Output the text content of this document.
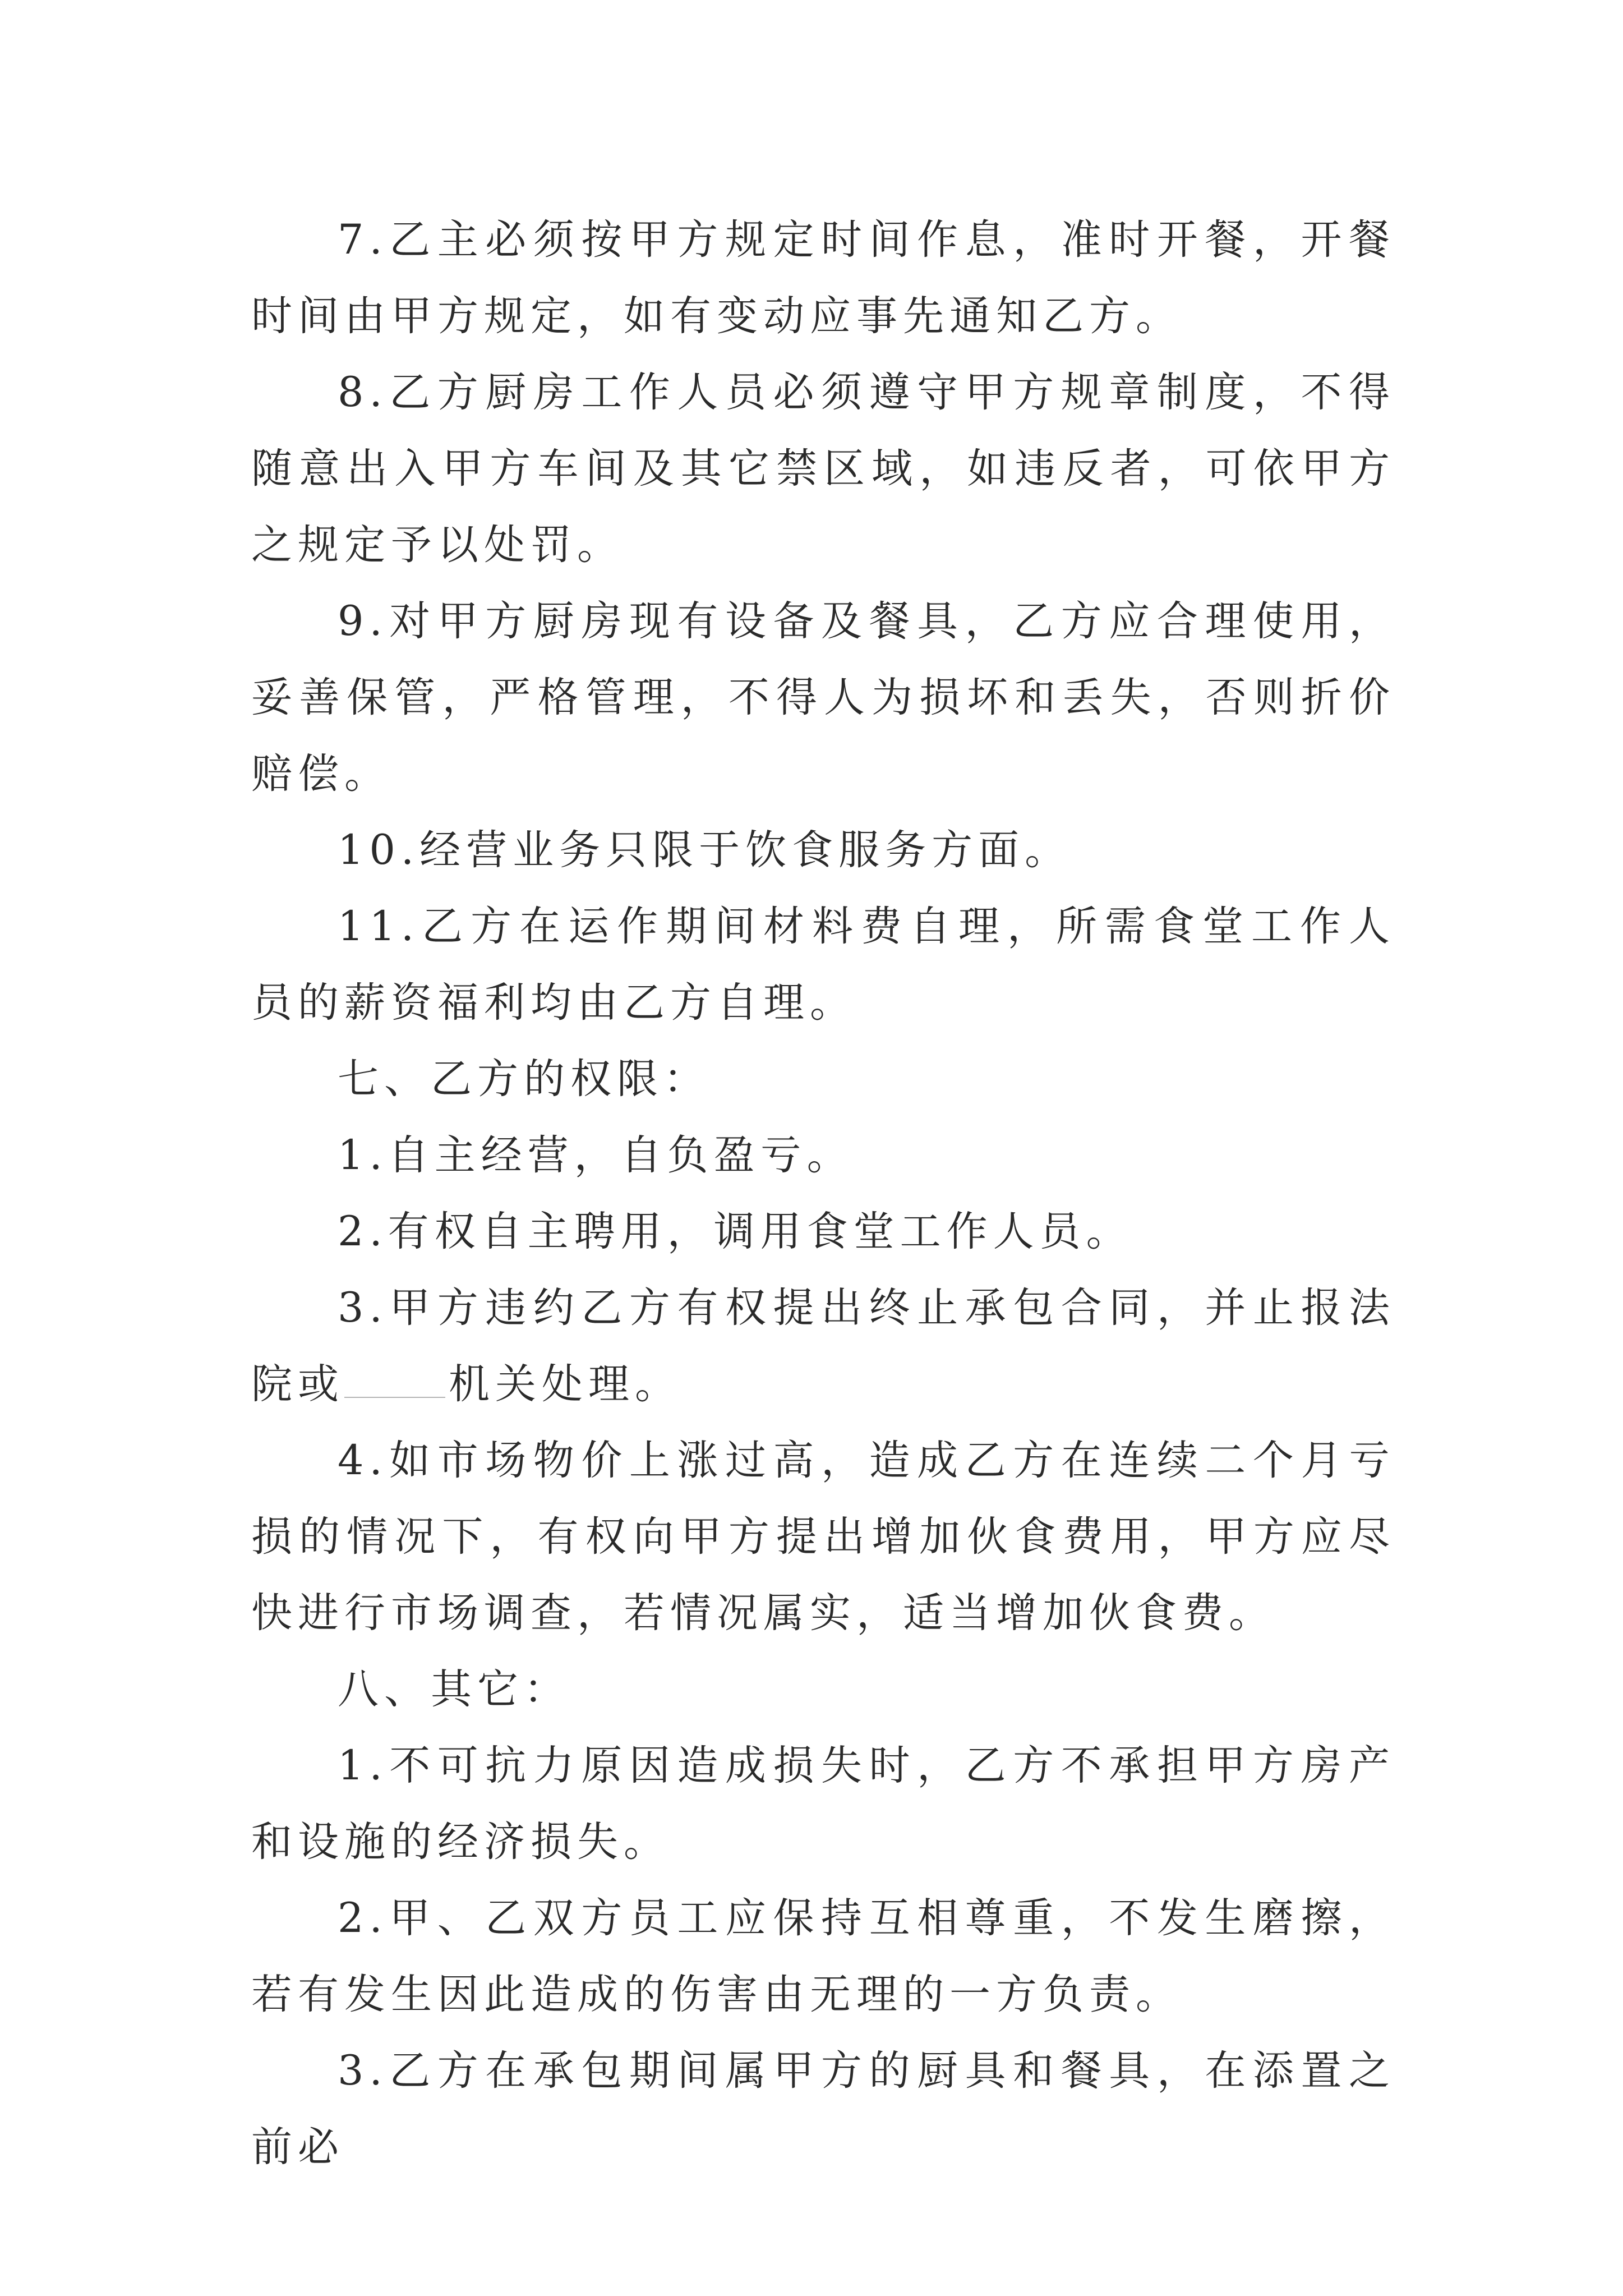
7.乙主必须按甲方规定时间作息，准时开餐，开餐时间由甲方规定，如有变动应事先通知乙方。

8.乙方厨房工作人员必须遵守甲方规章制度，不得随意出入甲方车间及其它禁区域，如违反者，可依甲方之规定予以处罚。

9.对甲方厨房现有设备及餐具，乙方应合理使用，妥善保管，严格管理，不得人为损坏和丢失，否则折价赔偿。

10.经营业务只限于饮食服务方面。

11.乙方在运作期间材料费自理，所需食堂工作人员的薪资福利均由乙方自理。

七、乙方的权限：

1.自主经营，自负盈亏。

2.有权自主聘用，调用食堂工作人员。

3.甲方违约乙方有权提出终止承包合同，并止报法院或	机关处理。

4.如市场物价上涨过高，造成乙方在连续二个月亏损的情况下，有权向甲方提出增加伙食费用，甲方应尽快进行市场调查，若情况属实，适当增加伙食费。

八、其它：

1.不可抗力原因造成损失时，乙方不承担甲方房产和设施的经济损失。

2.甲、乙双方员工应保持互相尊重，不发生磨擦，若有发生因此造成的伤害由无理的一方负责。

3.乙方在承包期间属甲方的厨具和餐具，在添置之前必
